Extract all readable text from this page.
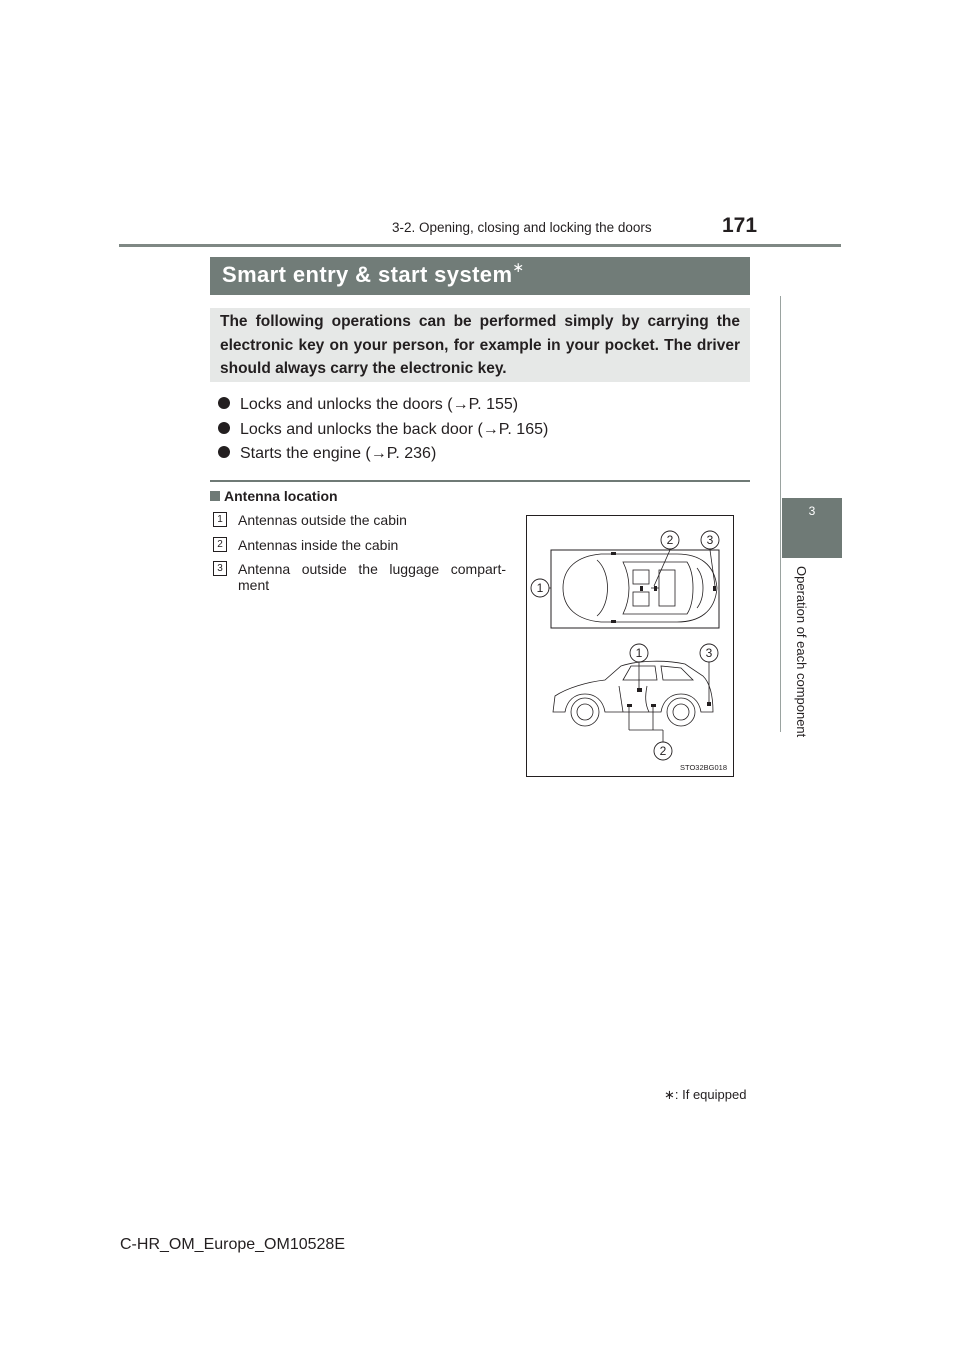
3-2. Opening, closing and locking the doors	171
3
Operation of each component
Smart entry & start system∗
The following operations can be performed simply by carrying the electronic key on your person, for example in your pocket. The driver should always carry the electronic key.
Locks and unlocks the doors (→P. 155)
Locks and unlocks the back door (→P. 165)
Starts the engine (→P. 236)
Antenna location
1	Antennas outside the cabin
2	Antennas inside the cabin
3	Antenna outside the luggage compart- ment	1
2	3
1	3
2
STO32BG018
∗: If equipped
C-HR_OM_Europe_OM10528E
